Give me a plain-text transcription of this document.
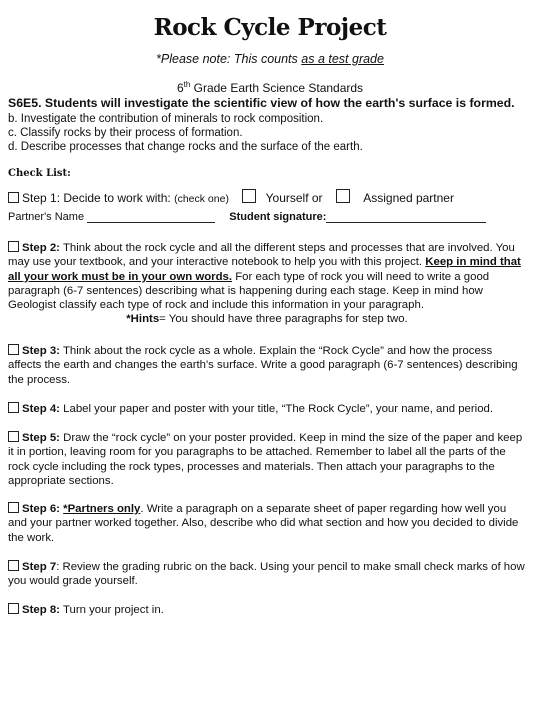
Rock Cycle Project
*Please note: This counts as a test grade
6th Grade Earth Science Standards
S6E5. Students will investigate the scientific view of how the earth's surface is formed.
b. Investigate the contribution of minerals to rock composition.
c. Classify rocks by their process of formation.
d. Describe processes that change rocks and the surface of the earth.
Check List:
Step 1: Decide to work with: (check one)	Yourself or	Assigned partner
Partner's Name	Student signature:
Step 2: Think about the rock cycle and all the different steps and processes that are involved. You may use your textbook, and your interactive notebook to help you with this project. Keep in mind that all your work must be in your own words. For each type of rock you will need to write a good paragraph (6-7 sentences) describing what is happening during each stage. Keep in mind how Geologist classify each type of rock and include this information in your paragraph.
*Hints= You should have three paragraphs for step two.
Step 3: Think about the rock cycle as a whole. Explain the “Rock Cycle” and how the process affects the earth and changes the earth's surface. Write a good paragraph (6-7 sentences) describing the process.
Step 4: Label your paper and poster with your title, “The Rock Cycle”, your name, and period.
Step 5: Draw the “rock cycle” on your poster provided. Keep in mind the size of the paper and keep it in portion, leaving room for you paragraphs to be attached. Remember to label all the parts of the rock cycle including the rock types, processes and materials. Then attach your paragraphs to the appropriate sections.
Step 6: *Partners only. Write a paragraph on a separate sheet of paper regarding how well you and your partner worked together. Also, describe who did what section and how you decided to divide the work.
Step 7: Review the grading rubric on the back. Using your pencil to make small check marks of how you would grade yourself.
Step 8: Turn your project in.
